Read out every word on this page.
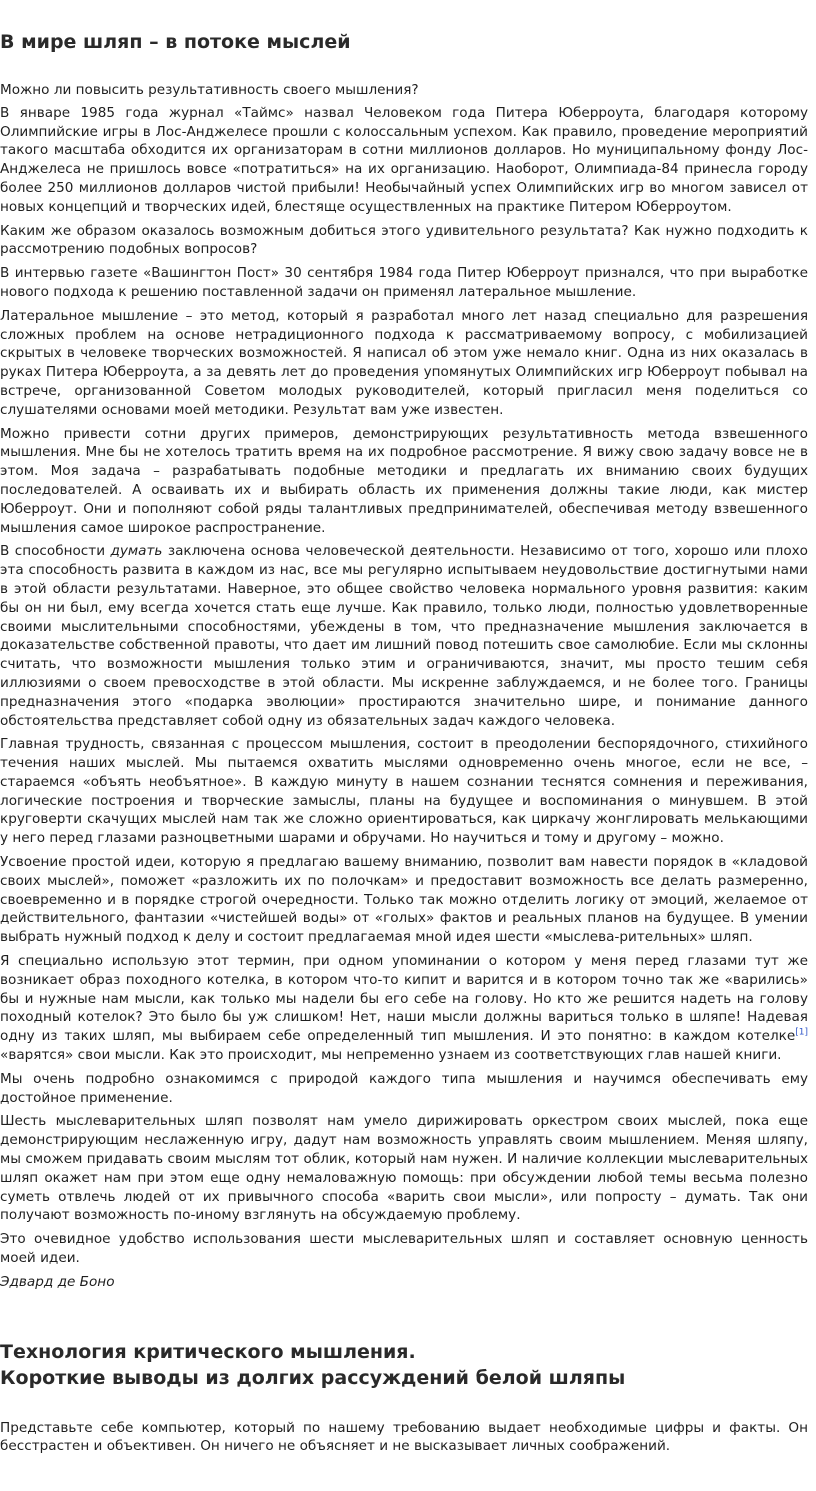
В мире шляп – в потоке мыслей

Можно ли повысить результативность своего мышления?

В январе 1985 года журнал «Таймс» назвал Человеком года Питера Юберроута, благодаря которому Олимпийские игры в Лос-Анджелесе прошли с колоссальным успехом. Как правило, проведение мероприятий такого масштаба обходится их организаторам в сотни миллионов долларов. Но муниципальному фонду Лос-Анджелеса не пришлось вовсе «потратиться» на их организацию. Наоборот, Олимпиада-84 принесла городу более 250 миллионов долларов чистой прибыли! Необычайный успех Олимпийских игр во многом зависел от новых концепций и творческих идей, блестяще осуществленных на практике Питером Юберроутом.

Каким же образом оказалось возможным добиться этого удивительного результата? Как нужно подходить к рассмотрению подобных вопросов?

В интервью газете «Вашингтон Пост» 30 сентября 1984 года Питер Юберроут признался, что при выработке нового подхода к решению поставленной задачи он применял латеральное мышление.

Латеральное мышление – это метод, который я разработал много лет назад специально для разрешения сложных проблем на основе нетрадиционного подхода к рассматриваемому вопросу, с мобилизацией скрытых в человеке творческих возможностей. Я написал об этом уже немало книг. Одна из них оказалась в руках Питера Юберроута, а за девять лет до проведения упомянутых Олимпийских игр Юберроут побывал на встрече, организованной Советом молодых руководителей, который пригласил меня поделиться со слушателями основами моей методики. Результат вам уже известен.

Можно привести сотни других примеров, демонстрирующих результативность метода взвешенного мышления. Мне бы не хотелось тратить время на их подробное рассмотрение. Я вижу свою задачу вовсе не в этом. Моя задача – разрабатывать подобные методики и предлагать их вниманию своих будущих последователей. А осваивать их и выбирать область их применения должны такие люди, как мистер Юберроут. Они и пополняют собой ряды талантливых предпринимателей, обеспечивая методу взвешенного мышления самое широкое распространение.

В способности думать заключена основа человеческой деятельности. Независимо от того, хорошо или плохо эта способность развита в каждом из нас, все мы регулярно испытываем неудовольствие достигнутыми нами в этой области результатами. Наверное, это общее свойство человека нормального уровня развития: каким бы он ни был, ему всегда хочется стать еще лучше. Как правило, только люди, полностью удовлетворенные своими мыслительными способностями, убеждены в том, что предназначение мышления заключается в доказательстве собственной правоты, что дает им лишний повод потешить свое самолюбие. Если мы склонны считать, что возможности мышления только этим и ограничиваются, значит, мы просто тешим себя иллюзиями о своем превосходстве в этой области. Мы искренне заблуждаемся, и не более того. Границы предназначения этого «подарка эволюции» простираются значительно шире, и понимание данного обстоятельства представляет собой одну из обязательных задач каждого человека.

Главная трудность, связанная с процессом мышления, состоит в преодолении беспорядочного, стихийного течения наших мыслей. Мы пытаемся охватить мыслями одновременно очень многое, если не все, – стараемся «объять необъятное». В каждую минуту в нашем сознании теснятся сомнения и переживания, логические построения и творческие замыслы, планы на будущее и воспоминания о минувшем. В этой круговерти скачущих мыслей нам так же сложно ориентироваться, как циркачу жонглировать мелькающими у него перед глазами разноцветными шарами и обручами. Но научиться и тому и другому – можно.

Усвоение простой идеи, которую я предлагаю вашему вниманию, позволит вам навести порядок в «кладовой своих мыслей», поможет «разложить их по полочкам» и предоставит возможность все делать размеренно, своевременно и в порядке строгой очередности. Только так можно отделить логику от эмоций, желаемое от действительного, фантазии «чистейшей воды» от «голых» фактов и реальных планов на будущее. В умении выбрать нужный подход к делу и состоит предлагаемая мной идея шести «мыслева-рительных» шляп.

Я специально использую этот термин, при одном упоминании о котором у меня перед глазами тут же возникает образ походного котелка, в котором что-то кипит и варится и в котором точно так же «варились» бы и нужные нам мысли, как только мы надели бы его себе на голову. Но кто же решится надеть на голову походный котелок? Это было бы уж слишком! Нет, наши мысли должны вариться только в шляпе! Надевая одну из таких шляп, мы выбираем себе определенный тип мышления. И это понятно: в каждом котелке[1] «варятся» свои мысли. Как это происходит, мы непременно узнаем из соответствующих глав нашей книги.

Мы очень подробно ознакомимся с природой каждого типа мышления и научимся обеспечивать ему достойное применение.

Шесть мыслеварительных шляп позволят нам умело дирижировать оркестром своих мыслей, пока еще демонстрирующим неслаженную игру, дадут нам возможность управлять своим мышлением. Меняя шляпу, мы сможем придавать своим мыслям тот облик, который нам нужен. И наличие коллекции мыслеварительных шляп окажет нам при этом еще одну немаловажную помощь: при обсуждении любой темы весьма полезно суметь отвлечь людей от их привычного способа «варить свои мысли», или попросту – думать. Так они получают возможность по-иному взглянуть на обсуждаемую проблему.

Это очевидное удобство использования шести мыслеварительных шляп и составляет основную ценность моей идеи.

Эдвард де Боно

Технология критического мышления.
Короткие выводы из долгих рассуждений белой шляпы

Представьте себе компьютер, который по нашему требованию выдает необходимые цифры и факты. Он бесстрастен и объективен. Он ничего не объясняет и не высказывает личных соображений.
